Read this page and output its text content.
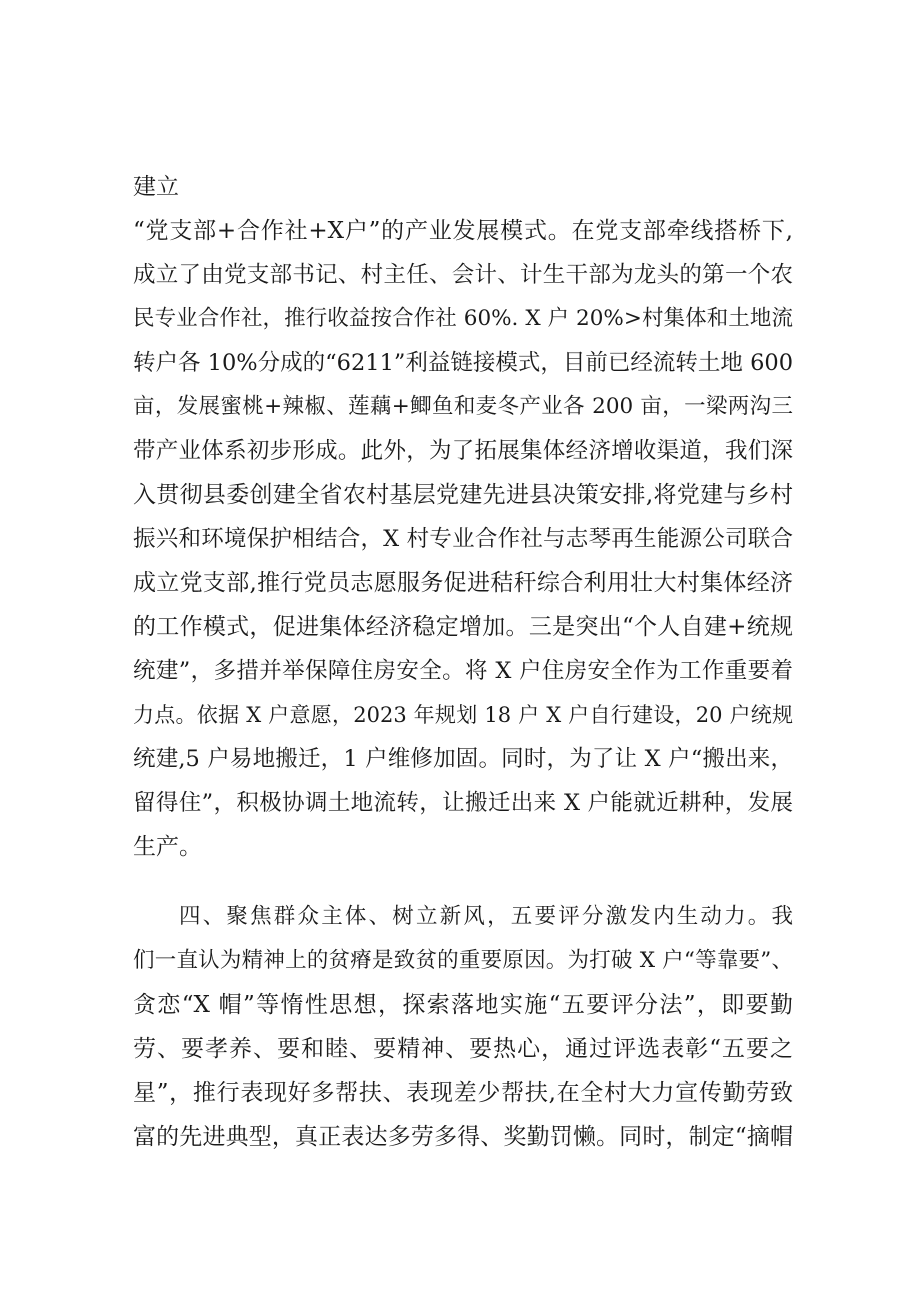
建立
“党支部+合作社+X户”的产业发展模式。在党支部牵线搭桥下,
成立了由党支部书记、村主任、会计、计生干部为龙头的第一个农
民专业合作社，推行收益按合作社 60%. X 户 20%>村集体和土地流
转户各 10%分成的“6211”利益链接模式，目前已经流转土地 600
亩，发展蜜桃+辣椒、莲藕+鲫鱼和麦冬产业各 200 亩，一梁两沟三
带产业体系初步形成。此外，为了拓展集体经济增收渠道，我们深
入贯彻县委创建全省农村基层党建先进县决策安排,将党建与乡村
振兴和环境保护相结合，X 村专业合作社与志琴再生能源公司联合
成立党支部,推行党员志愿服务促进秸秆综合利用壮大村集体经济
的工作模式，促进集体经济稳定增加。三是突出“个人自建+统规
统建”，多措并举保障住房安全。将 X 户住房安全作为工作重要着
力点。依据 X 户意愿，2023 年规划 18 户 X 户自行建设，20 户统规
统建,5 户易地搬迁，1 户维修加固。同时，为了让 X 户“搬出来，
留得住”，积极协调土地流转，让搬迁出来 X 户能就近耕种，发展
生产。
四、聚焦群众主体、树立新风，五要评分激发内生动力。我
们一直认为精神上的贫瘠是致贫的重要原因。为打破 X 户“等靠要”、
贪恋“X 帽”等惰性思想，探索落地实施“五要评分法”，即要勤
劳、要孝养、要和睦、要精神、要热心，通过评选表彰“五要之
星”，推行表现好多帮扶、表现差少帮扶,在全村大力宣传勤劳致
富的先进典型，真正表达多劳多得、奖勤罚懒。同时，制定“摘帽
